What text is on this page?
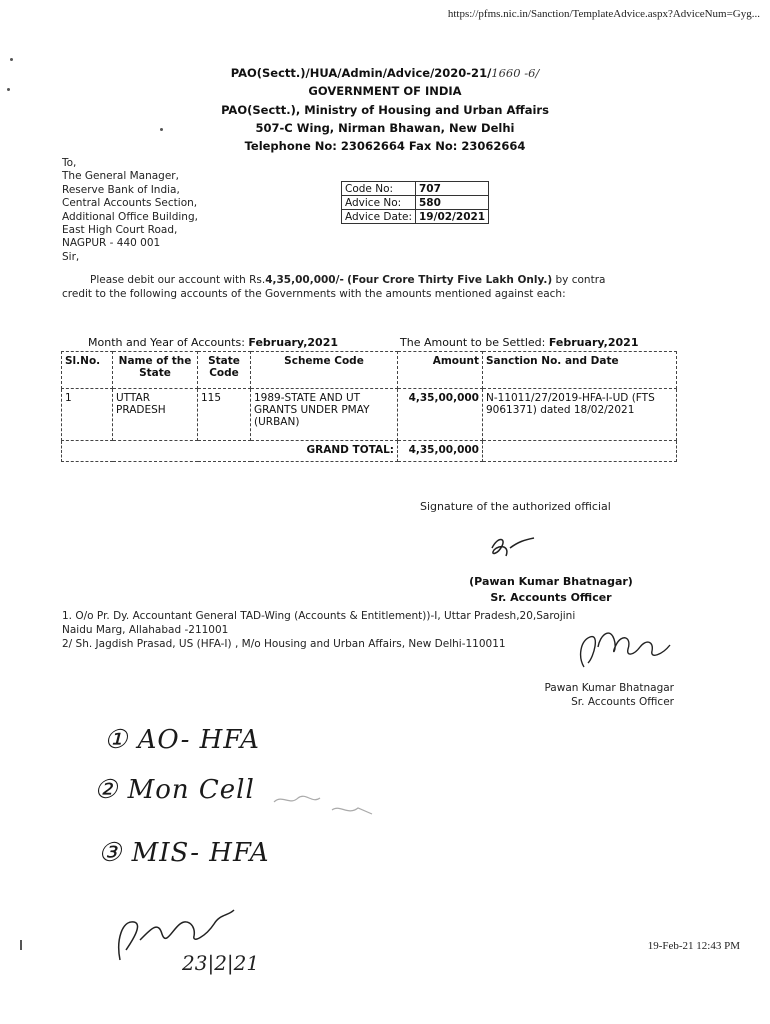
https://pfms.nic.in/Sanction/TemplateAdvice.aspx?AdviceNum=Gyg...
PAO(Sectt.)/HUA/Admin/Advice/2020-21/1660 -6/
GOVERNMENT OF INDIA
PAO(Sectt.), Ministry of Housing and Urban Affairs
507-C Wing, Nirman Bhawan, New Delhi
Telephone No: 23062664 Fax No: 23062664
To,
The General Manager,
Reserve Bank of India,
Central Accounts Section,
Additional Office Building,
East High Court Road,
NAGPUR - 440 001
Sir,
Code No:	707
Advice No:	580
Advice Date:	19/02/2021
Please debit our account with Rs.4,35,00,000/- (Four Crore Thirty Five Lakh Only.) by contra
credit to the following accounts of the Governments with the amounts mentioned against each:
Month and Year of Accounts: February,2021	The Amount to be Settled: February,2021
Sl.No.	Name of the State	State Code	Scheme Code	Amount	Sanction No. and Date
1	UTTAR PRADESH	115	1989-STATE AND UT GRANTS UNDER PMAY (URBAN)	4,35,00,000	N-11011/27/2019-HFA-I-UD (FTS 9061371) dated 18/02/2021
GRAND TOTAL:				4,35,00,000	
Signature of the authorized official
(Pawan Kumar Bhatnagar)
Sr. Accounts Officer
1. O/o Pr. Dy. Accountant General TAD-Wing (Accounts & Entitlement))-I, Uttar Pradesh,20,Sarojini
Naidu Marg, Allahabad -211001
2/ Sh. Jagdish Prasad, US (HFA-I) , M/o Housing and Urban Affairs, New Delhi-110011
Pawan Kumar Bhatnagar
Sr. Accounts Officer
① AO- HFA
② Mon Cell
③ MIS- HFA
23|2|21
19-Feb-21 12:43 PM
